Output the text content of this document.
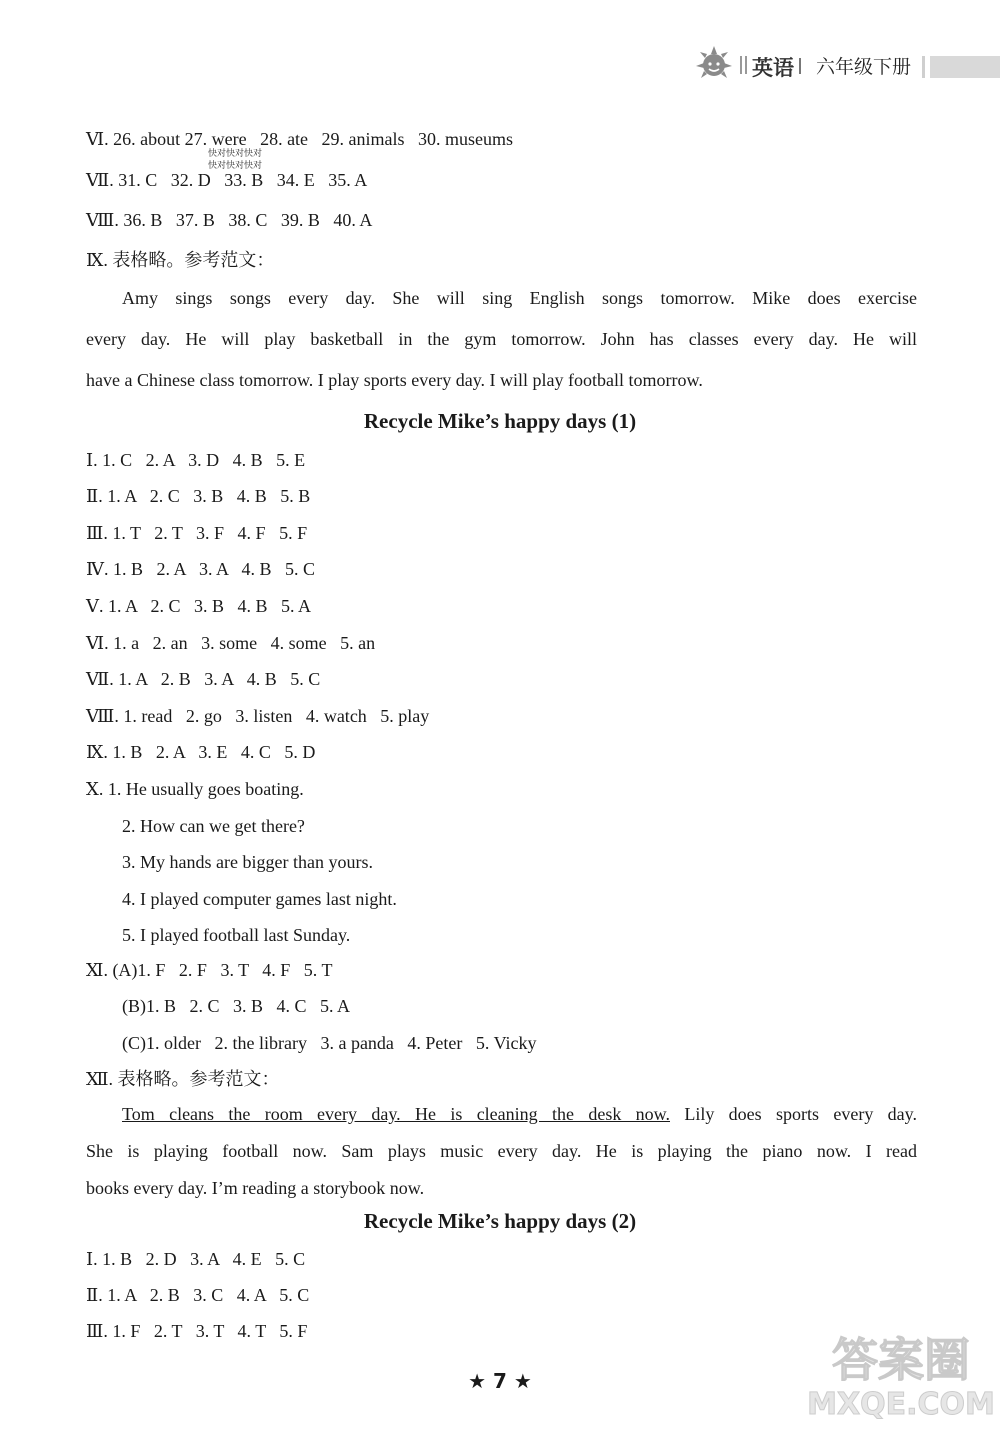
英语 六年级下册
Ⅵ. 26. about 27. were   28. ate   29. animals   30. museums
快对快对快对
快对快对快对
Ⅶ. 31. C   32. D   33. B   34. E   35. A
Ⅷ. 36. B   37. B   38. C   39. B   40. A
Ⅸ. 表格略。参考范文：
Amy sings songs every day. She will sing English songs tomorrow. Mike does exercise
every day. He will play basketball in the gym tomorrow. John has classes every day. He will
have a Chinese class tomorrow. I play sports every day. I will play football tomorrow.
Recycle Mike’s happy days (1)
Ⅰ. 1. C   2. A   3. D   4. B   5. E
Ⅱ. 1. A   2. C   3. B   4. B   5. B
Ⅲ. 1. T   2. T   3. F   4. F   5. F
Ⅳ. 1. B   2. A   3. A   4. B   5. C
Ⅴ. 1. A   2. C   3. B   4. B   5. A
Ⅵ. 1. a   2. an   3. some   4. some   5. an
Ⅶ. 1. A   2. B   3. A   4. B   5. C
Ⅷ. 1. read   2. go   3. listen   4. watch   5. play
Ⅸ. 1. B   2. A   3. E   4. C   5. D
Ⅹ. 1. He usually goes boating.
2. How can we get there?
3. My hands are bigger than yours.
4. I played computer games last night.
5. I played football last Sunday.
Ⅺ. (A)1. F   2. F   3. T   4. F   5. T
(B)1. B   2. C   3. B   4. C   5. A
(C)1. older   2. the library   3. a panda   4. Peter   5. Vicky
Ⅻ. 表格略。参考范文：
Tom cleans the room every day. He is cleaning the desk now. Lily does sports every day.
She is playing football now. Sam plays music every day. He is playing the piano now. I read
books every day. I’m reading a storybook now.
Recycle Mike’s happy days (2)
Ⅰ. 1. B   2. D   3. A   4. E   5. C
Ⅱ. 1. A   2. B   3. C   4. A   5. C
Ⅲ. 1. F   2. T   3. T   4. T   5. F
★ 7 ★	答案圈
MXQE.COM
